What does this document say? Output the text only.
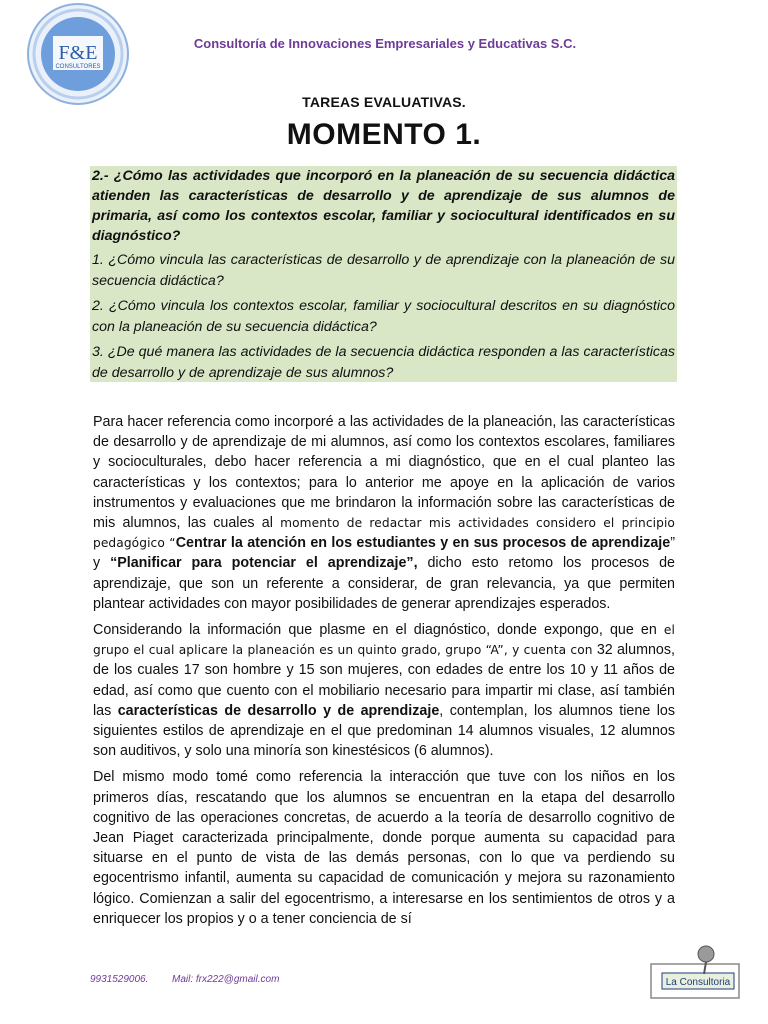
F&E
CONSULTORES
Consultoría de Innovaciones Empresariales y Educativas S.C.
TAREAS EVALUATIVAS.
MOMENTO 1.

2.- ¿Cómo las actividades que incorporó en la planeación de su secuencia didáctica atienden las características de desarrollo y de aprendizaje de sus alumnos de primaria, así como los contextos escolar, familiar y sociocultural identificados en su diagnóstico?

1. ¿Cómo vincula las características de desarrollo y de aprendizaje con la planeación de su secuencia didáctica?

2. ¿Cómo vincula los contextos escolar, familiar y sociocultural descritos en su diagnóstico con la planeación de su secuencia didáctica?

3. ¿De qué manera las actividades de la secuencia didáctica responden a las características de desarrollo y de aprendizaje de sus alumnos?

Para hacer referencia como incorporé a las actividades de la planeación, las características de desarrollo y de aprendizaje de mi alumnos, así como los contextos escolares, familiares y socioculturales, debo hacer referencia a mi diagnóstico, que en el cual planteo las características y los contextos; para lo anterior me apoye en la aplicación de varios instrumentos y evaluaciones que me brindaron la información sobre las características de mis alumnos, las cuales al momento de redactar mis actividades considero el principio pedagógico “Centrar la atención en los estudiantes y en sus procesos de aprendizaje” y “Planificar para potenciar el aprendizaje”, dicho esto retomo los procesos de aprendizaje, que son un referente a considerar, de gran relevancia, ya que permiten plantear actividades con mayor posibilidades de generar aprendizajes esperados.

Considerando la información que plasme en el diagnóstico, donde expongo, que en el grupo el cual aplicare la planeación es un quinto grado, grupo “A”, y cuenta con 32 alumnos, de los cuales 17 son hombre y 15 son mujeres, con edades de entre los 10 y 11 años de edad, así como que cuento con el mobiliario necesario para impartir mi clase, así también las características de desarrollo y de aprendizaje, contemplan, los alumnos tiene los siguientes estilos de aprendizaje en el que predominan 14 alumnos visuales, 12 alumnos son auditivos, y solo una minoría son kinestésicos (6 alumnos).

Del mismo modo tomé como referencia la interacción que tuve con los niños en los primeros días, rescatando que los alumnos se encuentran en la etapa del desarrollo cognitivo de las operaciones concretas, de acuerdo a la teoría de desarrollo cognitivo de Jean Piaget caracterizada principalmente, donde porque aumenta su capacidad para situarse en el punto de vista de las demás personas, con lo que va perdiendo su egocentrismo infantil, aumenta su capacidad de comunicación y mejora su razonamiento lógico. Comienzan a salir del egocentrismo, a interesarse en los sentimientos de otros y a enriquecer los propios y o a tener conciencia de sí

9931529006. Mail: frx222@gmail.com	La Consultoria
